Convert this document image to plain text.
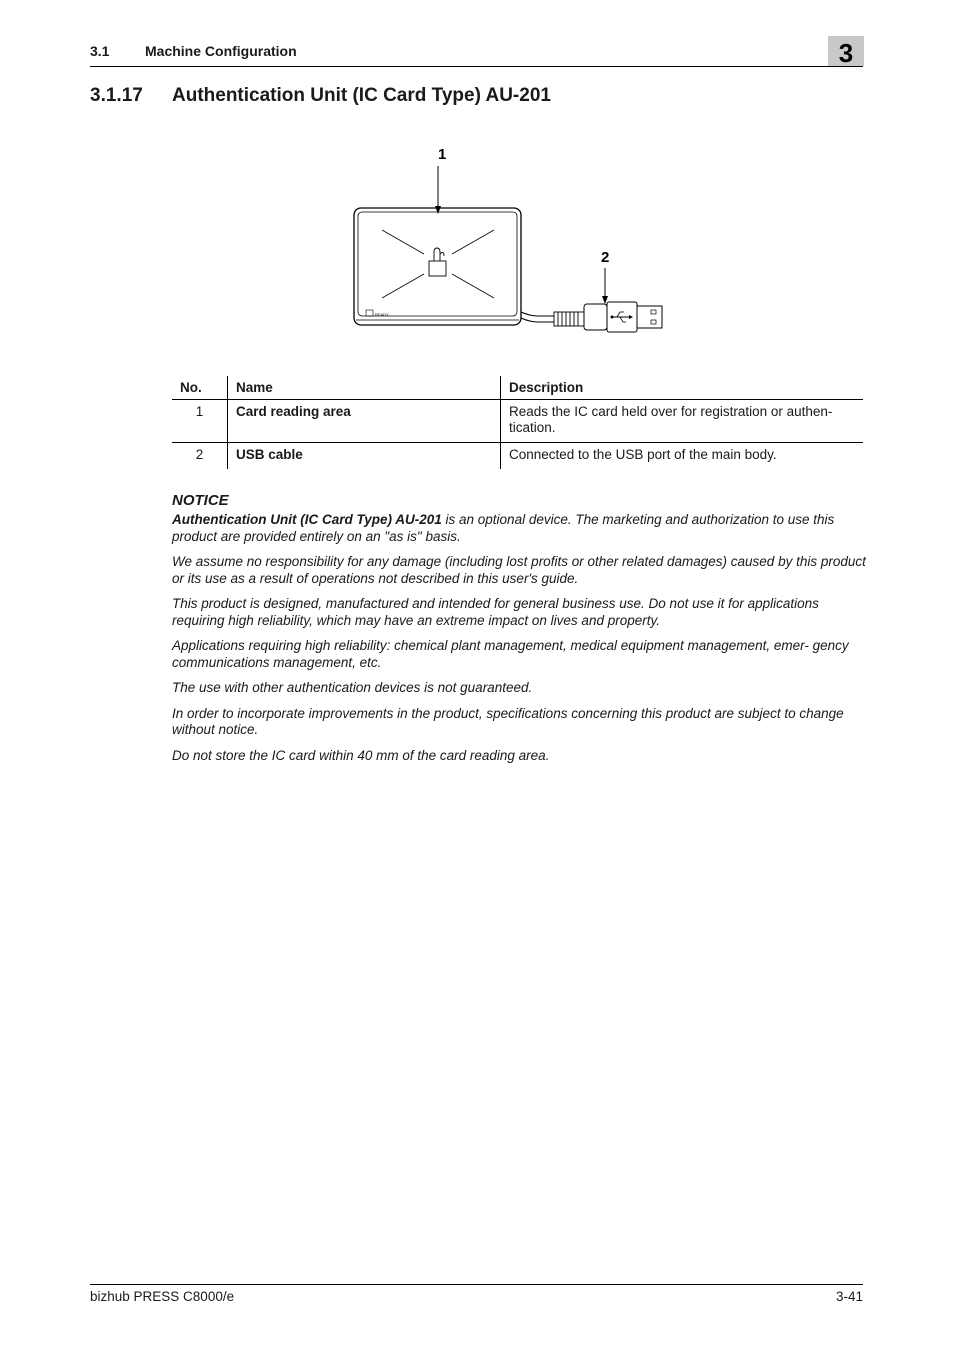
3.1	Machine Configuration	3
3.1.17 Authentication Unit (IC Card Type) AU-201
1
READY
2
No.	Name	Description
1	Card reading area	Reads the IC card held over for registration or authen- tication.
2	USB cable	Connected to the USB port of the main body.
NOTICE

Authentication Unit (IC Card Type) AU-201 is an optional device. The marketing and authorization to use this product are provided entirely on an "as is" basis.

We assume no responsibility for any damage (including lost profits or other related damages) caused by this product or its use as a result of operations not described in this user's guide.

This product is designed, manufactured and intended for general business use. Do not use it for applications requiring high reliability, which may have an extreme impact on lives and property.

Applications requiring high reliability: chemical plant management, medical equipment management, emer- gency communications management, etc.

The use with other authentication devices is not guaranteed.

In order to incorporate improvements in the product, specifications concerning this product are subject to change without notice.

Do not store the IC card within 40 mm of the card reading area.

bizhub PRESS C8000/e	3-41
